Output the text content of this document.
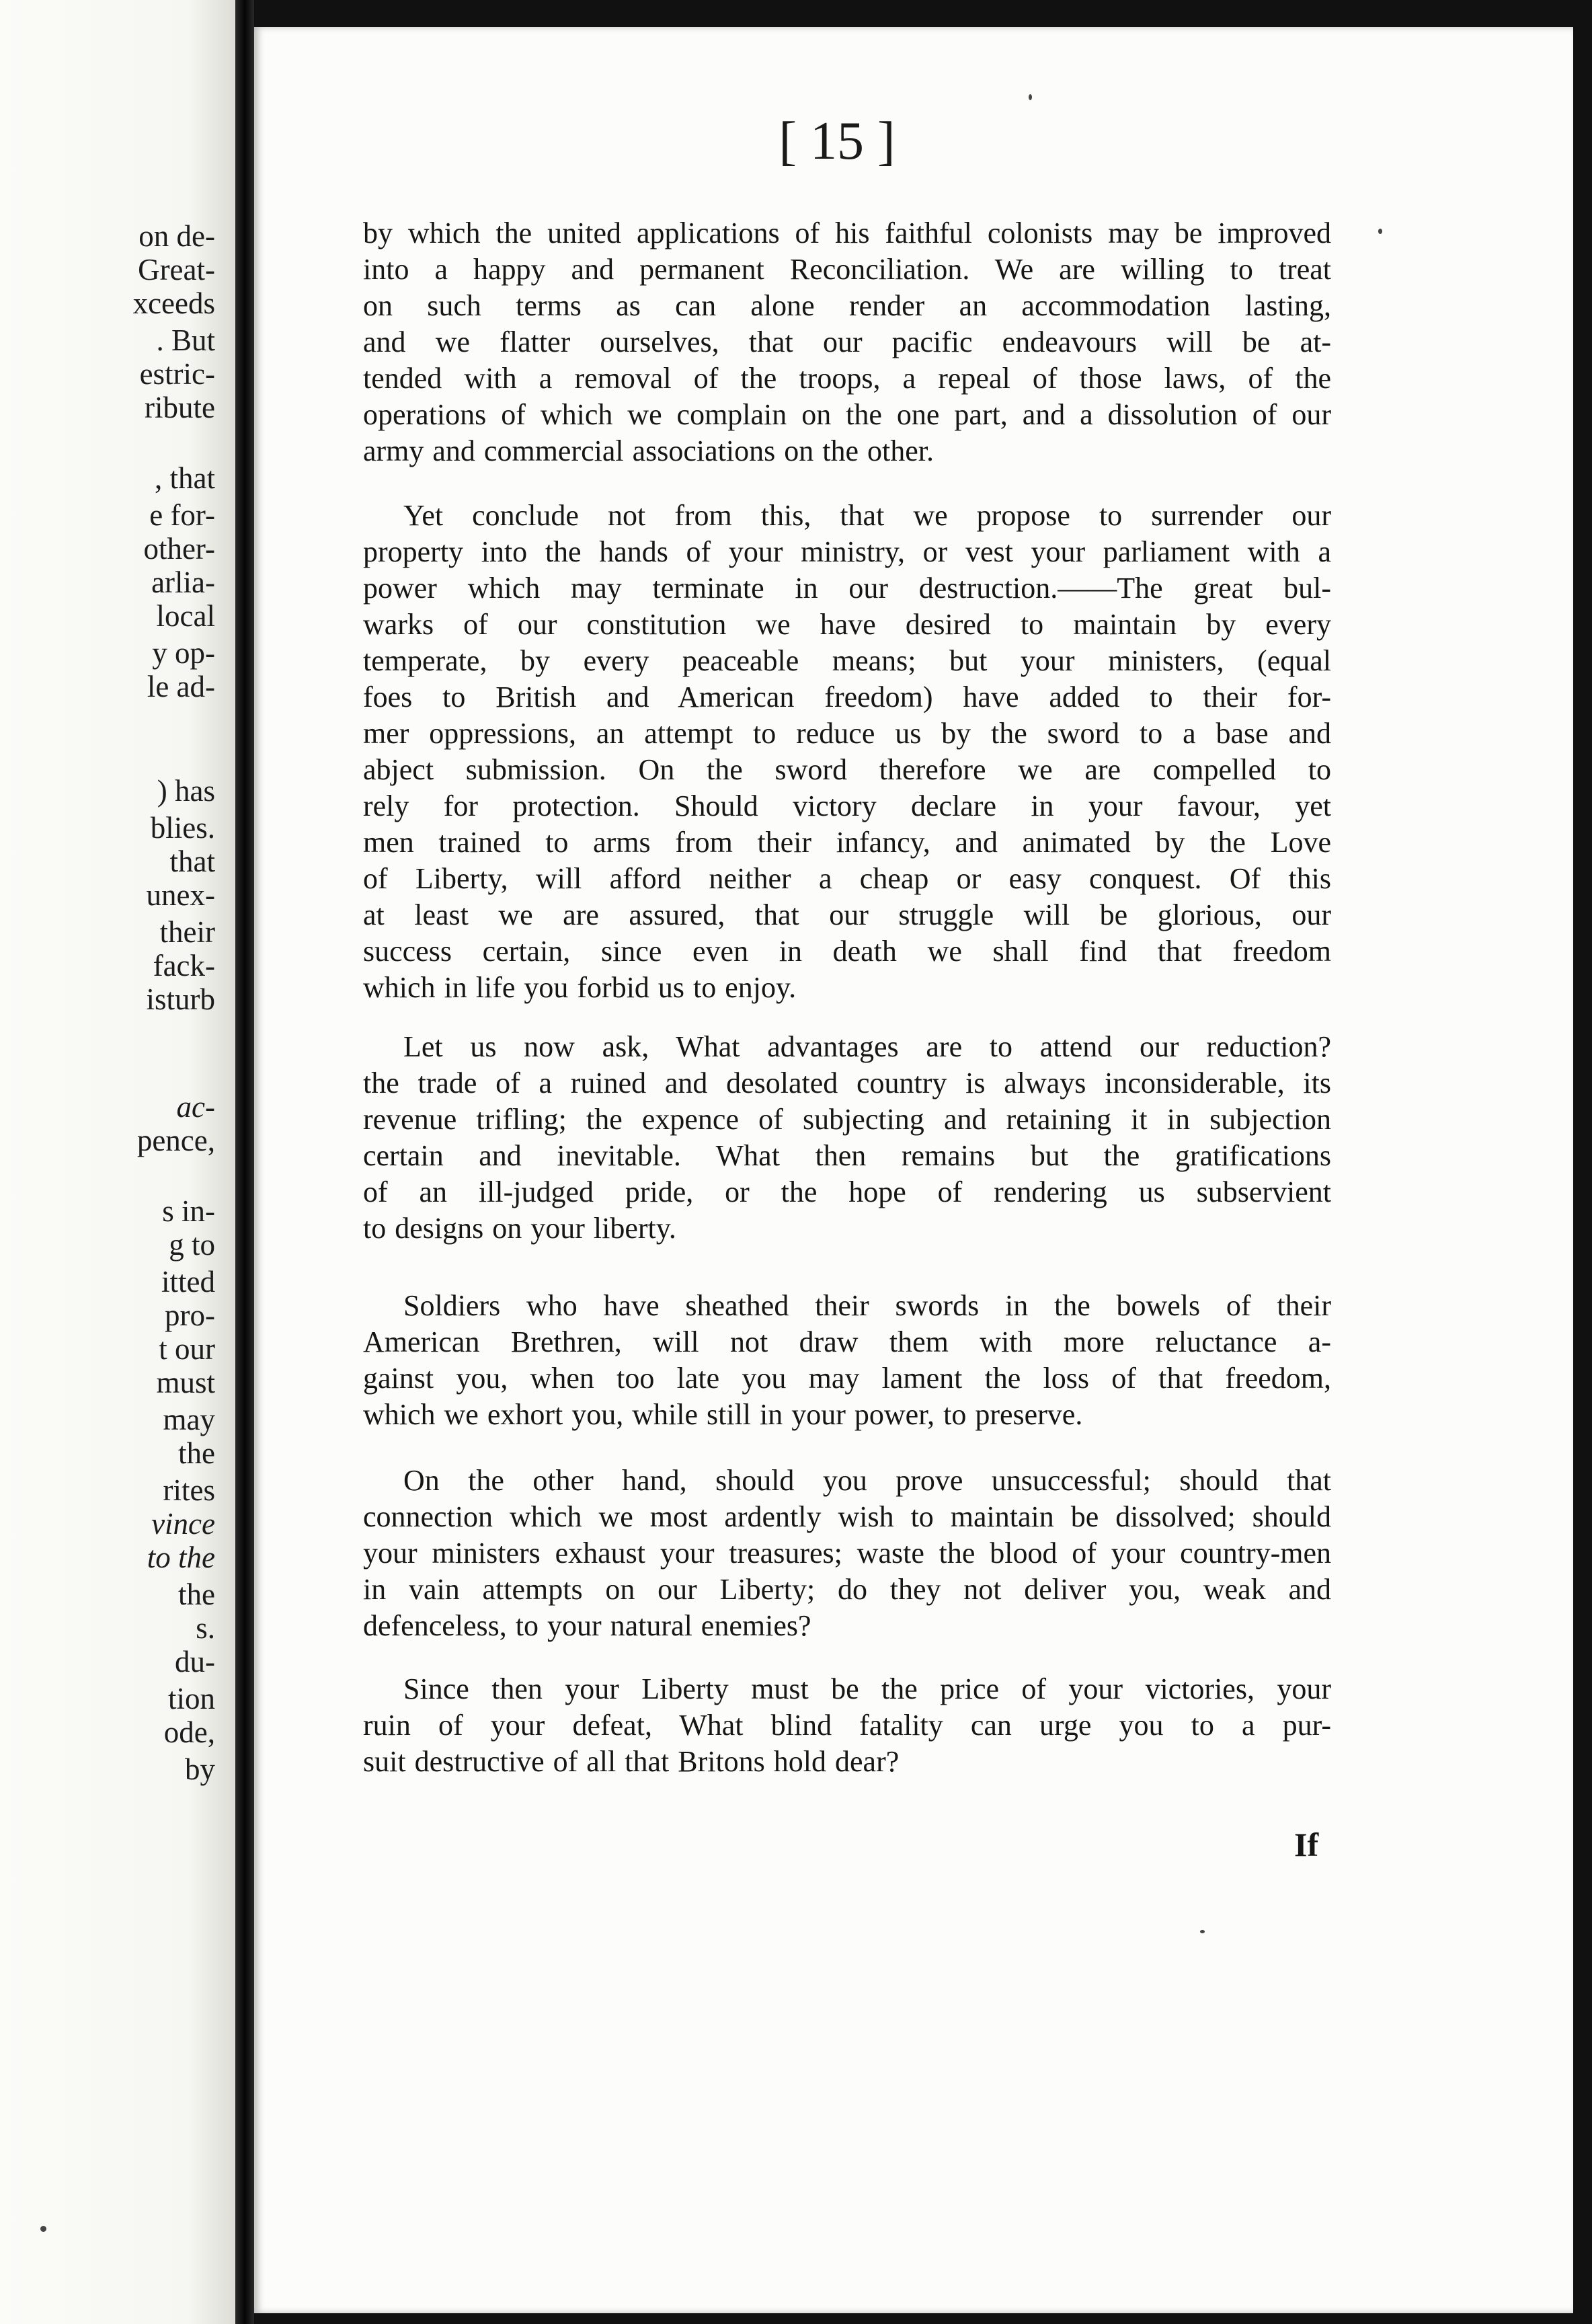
on de-
Great-
xceeds
. But
estric-
ribute
, that
e for-
other-
arlia-
local
y op-
le ad-
) has
blies.
that
unex-
their
fack-
isturb
ac-
pence,
s in-
g to
itted
pro-
t our
must
may
the
rites
vince
to the
the
s.
du-
tion
ode,
by
[ 15 ]
by which the united applications of his faithful colonists may be improved
into a happy and permanent Reconciliation. We are willing to treat
on such terms as can alone render an accommodation lasting,
and we flatter ourselves, that our pacific endeavours will be at-
tended with a removal of the troops, a repeal of those laws, of the
operations of which we complain on the one part, and a dissolution of our
army and commercial associations on the other.
Yet conclude not from this, that we propose to surrender our
property into the hands of your ministry, or vest your parliament with a
power which may terminate in our destruction.——The great bul-
warks of our constitution we have desired to maintain by every
temperate, by every peaceable means; but your ministers, (equal
foes to British and American freedom) have added to their for-
mer oppressions, an attempt to reduce us by the sword to a base and
abject submission. On the sword therefore we are compelled to
rely for protection. Should victory declare in your favour, yet
men trained to arms from their infancy, and animated by the Love
of Liberty, will afford neither a cheap or easy conquest. Of this
at least we are assured, that our struggle will be glorious, our
success certain, since even in death we shall find that freedom
which in life you forbid us to enjoy.
Let us now ask, What advantages are to attend our reduction?
the trade of a ruined and desolated country is always inconsiderable, its
revenue trifling; the expence of subjecting and retaining it in subjection
certain and inevitable. What then remains but the gratifications
of an ill-judged pride, or the hope of rendering us subservient
to designs on your liberty.
Soldiers who have sheathed their swords in the bowels of their
American Brethren, will not draw them with more reluctance a-
gainst you, when too late you may lament the loss of that freedom,
which we exhort you, while still in your power, to preserve.
On the other hand, should you prove unsuccessful; should that
connection which we most ardently wish to maintain be dissolved; should
your ministers exhaust your treasures; waste the blood of your country-men
in vain attempts on our Liberty; do they not deliver you, weak and
defenceless, to your natural enemies?
Since then your Liberty must be the price of your victories, your
ruin of your defeat, What blind fatality can urge you to a pur-
suit destructive of all that Britons hold dear?
If
